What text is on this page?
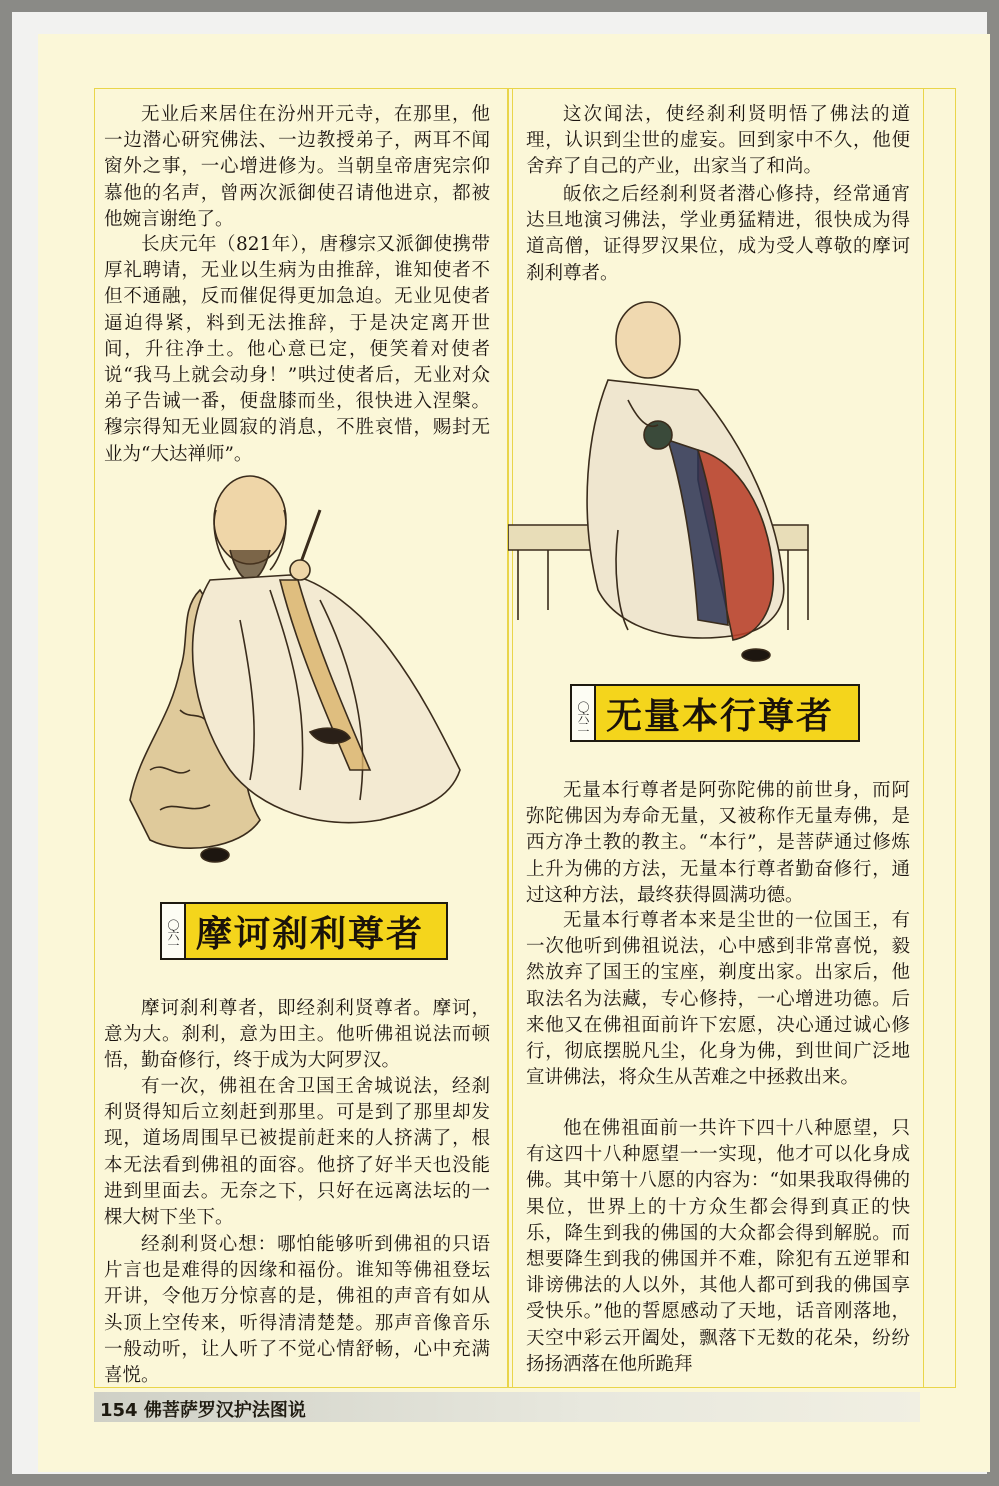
无业后来居住在汾州开元寺，在那里，他一边潜心研究佛法、一边教授弟子，两耳不闻窗外之事，一心增进修为。当朝皇帝唐宪宗仰慕他的名声，曾两次派御使召请他进京，都被他婉言谢绝了。

长庆元年（821年），唐穆宗又派御使携带厚礼聘请，无业以生病为由推辞，谁知使者不但不通融，反而催促得更加急迫。无业见使者逼迫得紧，料到无法推辞，于是决定离开世间，升往净土。他心意已定，便笑着对使者说“我马上就会动身！”哄过使者后，无业对众弟子告诫一番，便盘膝而坐，很快进入涅槃。穆宗得知无业圆寂的消息，不胜哀惜，赐封无业为“大达禅师”。

〇六一 摩诃刹利尊者

摩诃刹利尊者，即经刹利贤尊者。摩诃，意为大。刹利，意为田主。他听佛祖说法而顿悟，勤奋修行，终于成为大阿罗汉。

有一次，佛祖在舍卫国王舍城说法，经刹利贤得知后立刻赶到那里。可是到了那里却发现，道场周围早已被提前赶来的人挤满了，根本无法看到佛祖的面容。他挤了好半天也没能进到里面去。无奈之下，只好在远离法坛的一棵大树下坐下。

经刹利贤心想：哪怕能够听到佛祖的只语片言也是难得的因缘和福份。谁知等佛祖登坛开讲，令他万分惊喜的是，佛祖的声音有如从头顶上空传来，听得清清楚楚。那声音像音乐一般动听，让人听了不觉心情舒畅，心中充满喜悦。

这次闻法，使经刹利贤明悟了佛法的道理，认识到尘世的虚妄。回到家中不久，他便舍弃了自己的产业，出家当了和尚。

皈依之后经刹利贤者潜心修持，经常通宵达旦地演习佛法，学业勇猛精进，很快成为得道高僧，证得罗汉果位，成为受人尊敬的摩诃刹利尊者。

〇六二 无量本行尊者

无量本行尊者是阿弥陀佛的前世身，而阿弥陀佛因为寿命无量，又被称作无量寿佛，是西方净土教的教主。“本行”，是菩萨通过修炼上升为佛的方法，无量本行尊者勤奋修行，通过这种方法，最终获得圆满功德。

无量本行尊者本来是尘世的一位国王，有一次他听到佛祖说法，心中感到非常喜悦，毅然放弃了国王的宝座，剃度出家。出家后，他取法名为法藏，专心修持，一心增进功德。后来他又在佛祖面前许下宏愿，决心通过诚心修行，彻底摆脱凡尘，化身为佛，到世间广泛地宣讲佛法，将众生从苦难之中拯救出来。

他在佛祖面前一共许下四十八种愿望，只有这四十八种愿望一一实现，他才可以化身成佛。其中第十八愿的内容为：“如果我取得佛的果位，世界上的十方众生都会得到真正的快乐，降生到我的佛国的大众都会得到解脱。而想要降生到我的佛国并不难，除犯有五逆罪和诽谤佛法的人以外，其他人都可到我的佛国享受快乐。”他的誓愿感动了天地，话音刚落地，天空中彩云开阖处，飘落下无数的花朵，纷纷扬扬洒落在他所跪拜

154 佛菩萨罗汉护法图说
